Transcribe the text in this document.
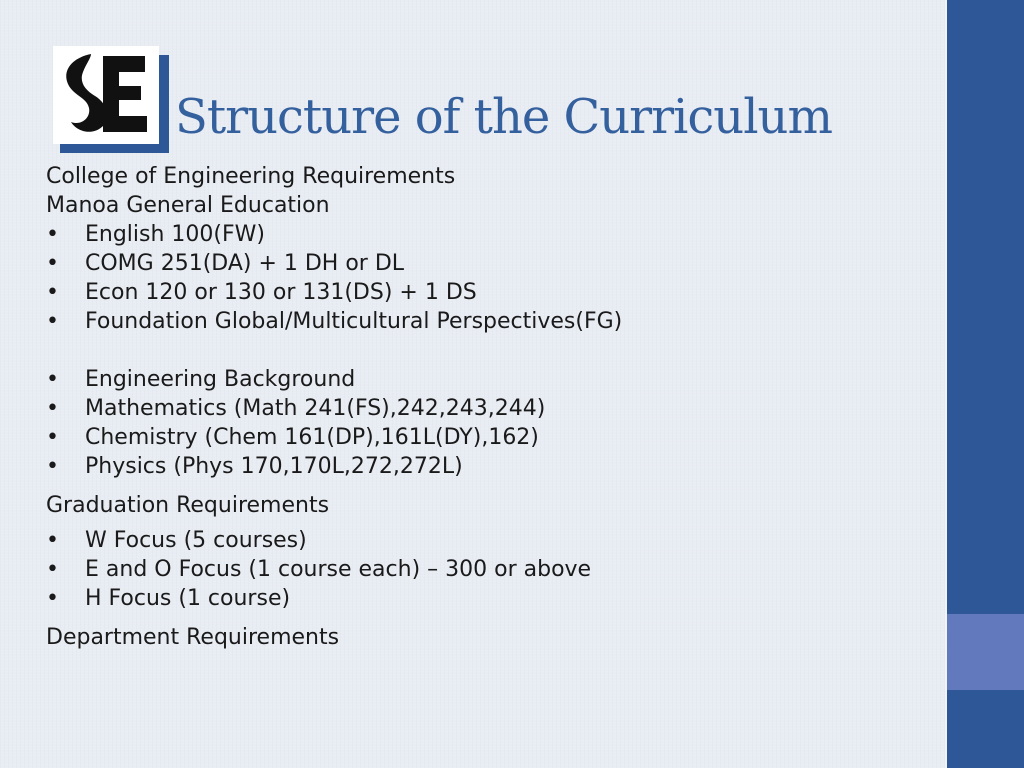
Structure of the Curriculum
College of Engineering Requirements
Manoa General Education
• English 100(FW)
• COMG 251(DA) + 1 DH or DL
• Econ 120 or 130 or 131(DS) + 1 DS
• Foundation Global/Multicultural Perspectives(FG)
• Engineering Background
• Mathematics (Math 241(FS),242,243,244)
• Chemistry (Chem 161(DP),161L(DY),162)
• Physics (Phys 170,170L,272,272L)
Graduation Requirements
• W Focus (5 courses)
• E and O Focus (1 course each) – 300 or above
• H Focus (1 course)
Department Requirements
